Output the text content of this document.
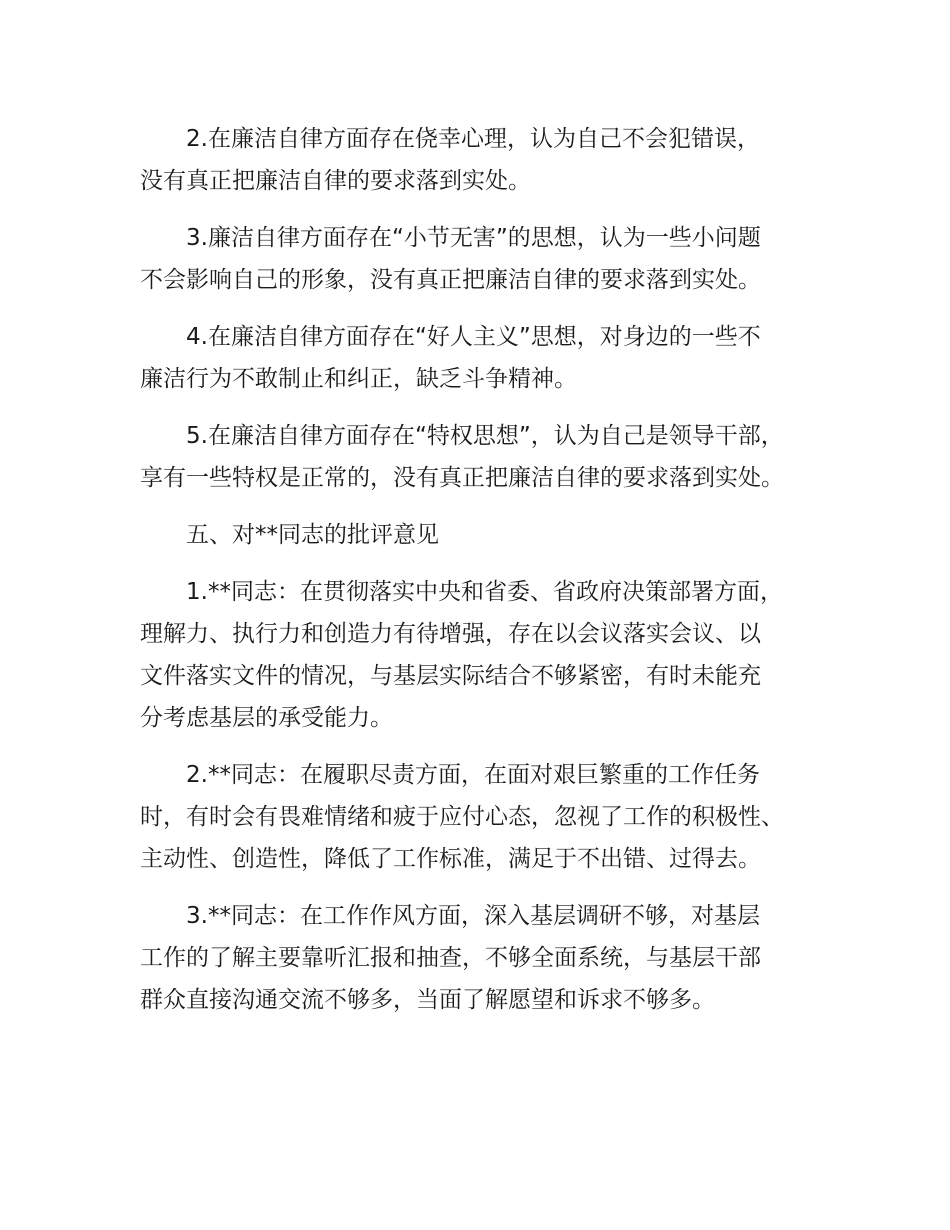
2.在廉洁自律方面存在侥幸心理，认为自己不会犯错误，
没有真正把廉洁自律的要求落到实处。
3.廉洁自律方面存在“小节无害”的思想，认为一些小问题
不会影响自己的形象，没有真正把廉洁自律的要求落到实处。
4.在廉洁自律方面存在“好人主义”思想，对身边的一些不
廉洁行为不敢制止和纠正，缺乏斗争精神。
5.在廉洁自律方面存在“特权思想”，认为自己是领导干部，
享有一些特权是正常的，没有真正把廉洁自律的要求落到实处。
五、对**同志的批评意见
1.**同志：在贯彻落实中央和省委、省政府决策部署方面，
理解力、执行力和创造力有待增强，存在以会议落实会议、以
文件落实文件的情况，与基层实际结合不够紧密，有时未能充
分考虑基层的承受能力。
2.**同志：在履职尽责方面，在面对艰巨繁重的工作任务
时，有时会有畏难情绪和疲于应付心态，忽视了工作的积极性、
主动性、创造性，降低了工作标准，满足于不出错、过得去。
3.**同志：在工作作风方面，深入基层调研不够，对基层
工作的了解主要靠听汇报和抽查，不够全面系统，与基层干部
群众直接沟通交流不够多，当面了解愿望和诉求不够多。
